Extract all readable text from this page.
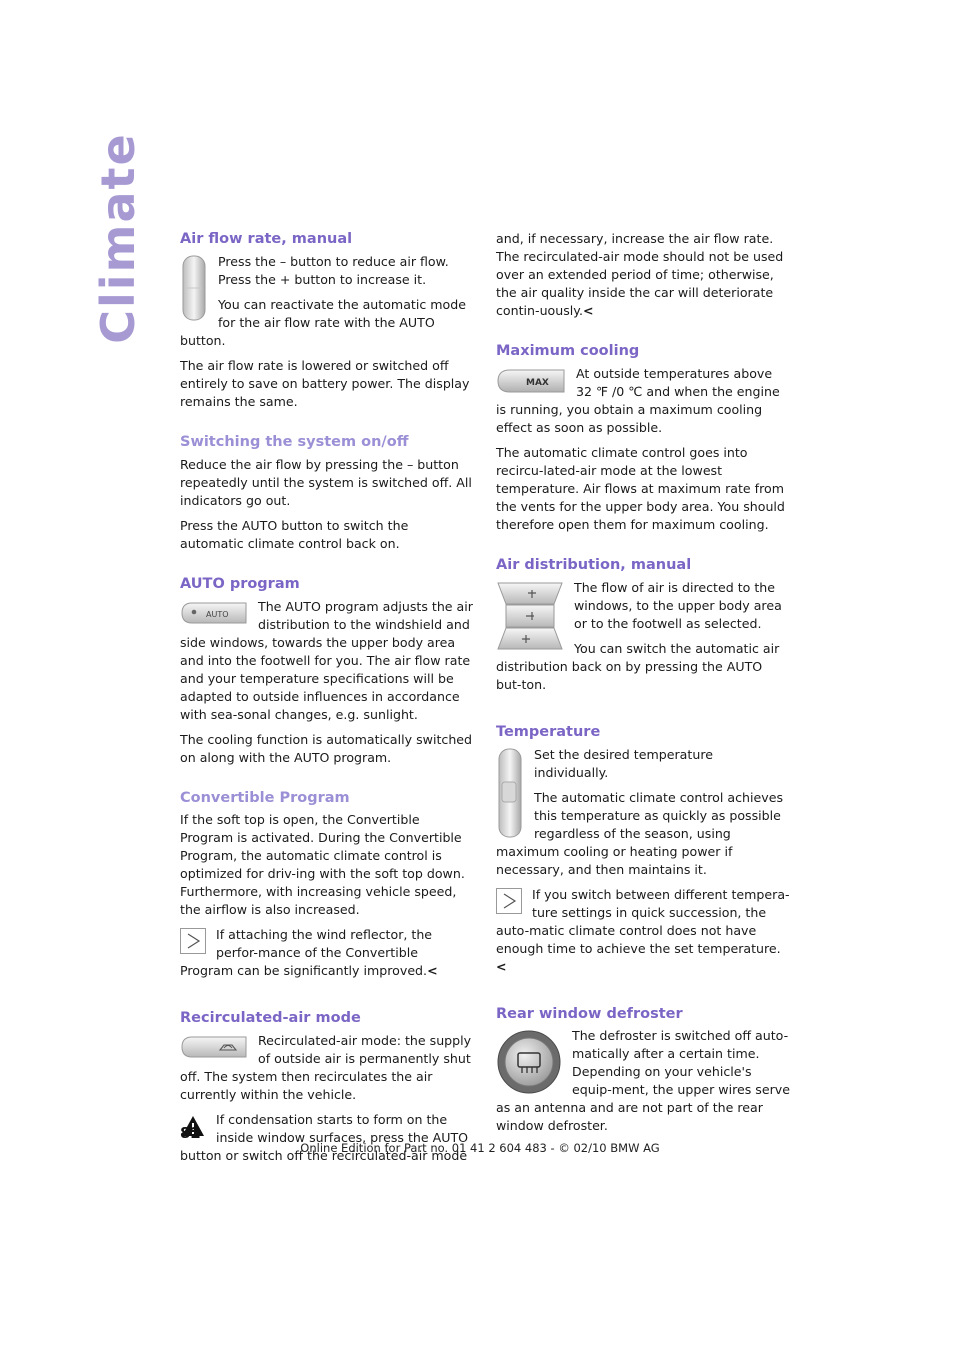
Climate Air flow rate, manual

Press the – button to reduce air flow. Press the + button to increase it.

You can reactivate the automatic mode for the air flow rate with the AUTO button.

The air flow rate is lowered or switched off entirely to save on battery power. The display remains the same.

Switching the system on/off

Reduce the air flow by pressing the – button repeatedly until the system is switched off. All indicators go out.

Press the AUTO button to switch the automatic climate control back on.

AUTO program
AUTO

The AUTO program adjusts the air distribution to the windshield and side windows, towards the upper body area and into the footwell for you. The air flow rate and your temperature specifications will be adapted to outside influences in accordance with sea-sonal changes, e.g. sunlight.

The cooling function is automatically switched on along with the AUTO program.

Convertible Program

If the soft top is open, the Convertible Program is activated. During the Convertible Program, the automatic climate control is optimized for driv-ing with the soft top down. Furthermore, with increasing vehicle speed, the airflow is also increased.

If attaching the wind reflector, the perfor-mance of the Convertible Program can be significantly improved.<

Recirculated-air mode

Recirculated-air mode: the supply of outside air is permanently shut off. The system then recirculates the air currently within the vehicle.

If condensation starts to form on the inside window surfaces, press the AUTO button or switch off the recirculated-air mode

and, if necessary, increase the air flow rate. The recirculated-air mode should not be used over an extended period of time; otherwise, the air quality inside the car will deteriorate contin-uously.<

Maximum cooling
MAX

At outside temperatures above 32 ℉ /0 ℃ and when the engine is running, you obtain a maximum cooling effect as soon as possible.

The automatic climate control goes into recircu-lated-air mode at the lowest temperature. Air flows at maximum rate from the vents for the upper body area. You should therefore open them for maximum cooling.

Air distribution, manual

The flow of air is directed to the windows, to the upper body area or to the footwell as selected.

You can switch the automatic air distribution back on by pressing the AUTO but-ton.

Temperature

Set the desired temperature individually.

The automatic climate control achieves this temperature as quickly as possible regardless of the season, using maximum cooling or heating power if necessary, and then maintains it.

If you switch between different tempera-ture settings in quick succession, the auto-matic climate control does not have enough time to achieve the set temperature.<

Rear window defroster

The defroster is switched off auto-matically after a certain time. Depending on your vehicle's equip-ment, the upper wires serve as an antenna and are not part of the rear window defroster.

82
Online Edition for Part no. 01 41 2 604 483 - © 02/10 BMW AG
